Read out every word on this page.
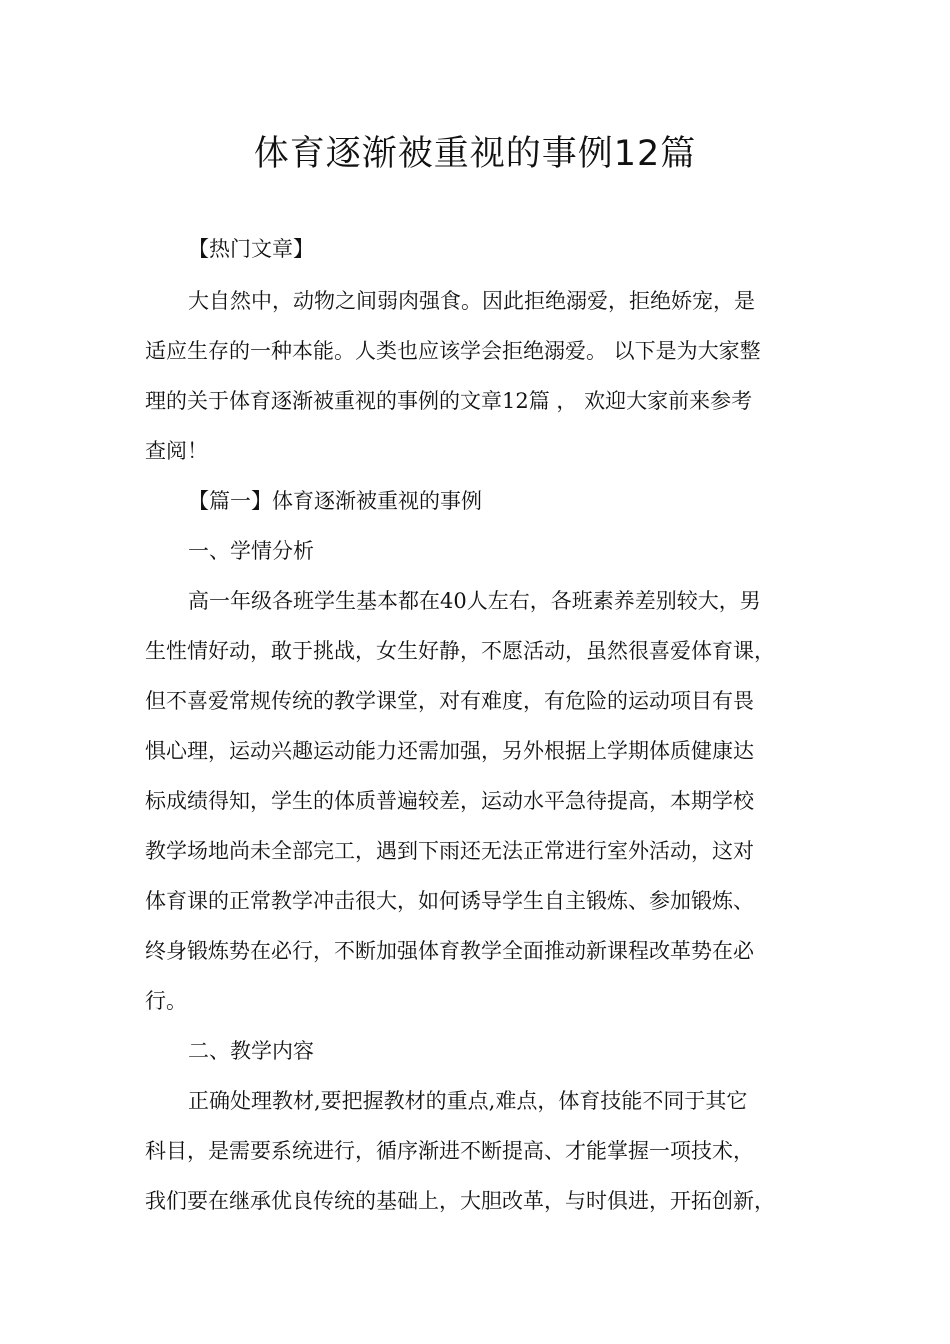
体育逐渐被重视的事例12篇
【热门文章】
大自然中，动物之间弱肉强食。因此拒绝溺爱，拒绝娇宠，是
适应生存的一种本能。人类也应该学会拒绝溺爱。 以下是为大家整
理的关于体育逐渐被重视的事例的文章12篇 ， 欢迎大家前来参考
查阅！
【篇一】体育逐渐被重视的事例
一、学情分析
高一年级各班学生基本都在40人左右，各班素养差别较大，男
生性情好动，敢于挑战，女生好静，不愿活动，虽然很喜爱体育课，
但不喜爱常规传统的教学课堂，对有难度，有危险的运动项目有畏
惧心理，运动兴趣运动能力还需加强，另外根据上学期体质健康达
标成绩得知，学生的体质普遍较差，运动水平急待提高，本期学校
教学场地尚未全部完工，遇到下雨还无法正常进行室外活动，这对
体育课的正常教学冲击很大，如何诱导学生自主锻炼、参加锻炼、
终身锻炼势在必行，不断加强体育教学全面推动新课程改革势在必
行。
二、教学内容
正确处理教材,要把握教材的重点,难点，体育技能不同于其它
科目，是需要系统进行，循序渐进不断提高、才能掌握一项技术，
我们要在继承优良传统的基础上，大胆改革，与时俱进，开拓创新，
